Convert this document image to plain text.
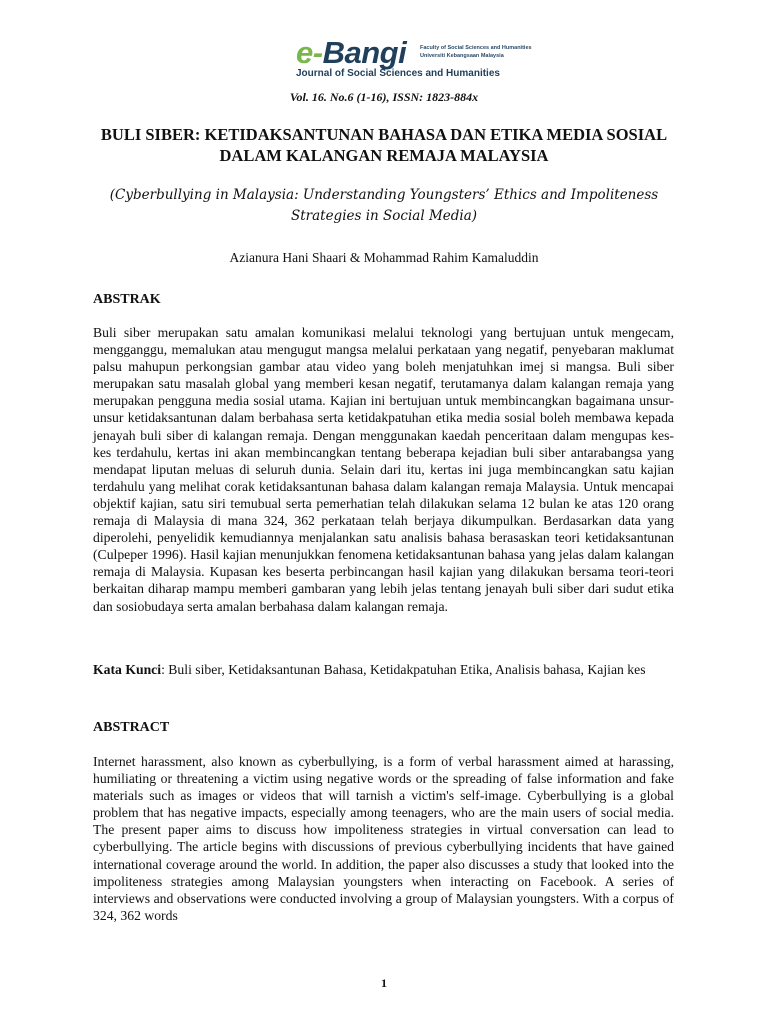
e-Bangi	Faculty of Social Sciences and Humanities
Universiti Kebangsaan Malaysia
Journal of Social Sciences and Humanities
Vol. 16. No.6 (1-16), ISSN: 1823-884x
BULI SIBER: KETIDAKSANTUNAN BAHASA DAN ETIKA MEDIA SOSIAL DALAM KALANGAN REMAJA MALAYSIA
(Cyberbullying in Malaysia: Understanding Youngsters’ Ethics and Impoliteness Strategies in Social Media)
Azianura Hani Shaari & Mohammad Rahim Kamaluddin
ABSTRAK
Buli siber merupakan satu amalan komunikasi melalui teknologi yang bertujuan untuk mengecam, mengganggu, memalukan atau mengugut mangsa melalui perkataan yang negatif, penyebaran maklumat palsu mahupun perkongsian gambar atau video yang boleh menjatuhkan imej si mangsa. Buli siber merupakan satu masalah global yang memberi kesan negatif, terutamanya dalam kalangan remaja yang merupakan pengguna media sosial utama. Kajian ini bertujuan untuk membincangkan bagaimana unsur-unsur ketidaksantunan dalam berbahasa serta ketidakpatuhan etika media sosial boleh membawa kepada jenayah buli siber di kalangan remaja. Dengan menggunakan kaedah penceritaan dalam mengupas kes-kes terdahulu, kertas ini akan membincangkan tentang beberapa kejadian buli siber antarabangsa yang mendapat liputan meluas di seluruh dunia. Selain dari itu, kertas ini juga membincangkan satu kajian terdahulu yang melihat corak ketidaksantunan bahasa dalam kalangan remaja Malaysia. Untuk mencapai objektif kajian, satu siri temubual serta pemerhatian telah dilakukan selama 12 bulan ke atas 120 orang remaja di Malaysia di mana 324, 362 perkataan telah berjaya dikumpulkan. Berdasarkan data yang diperolehi, penyelidik kemudiannya menjalankan satu analisis bahasa berasaskan teori ketidaksantunan (Culpeper 1996). Hasil kajian menunjukkan fenomena ketidaksantunan bahasa yang jelas dalam kalangan remaja di Malaysia. Kupasan kes beserta perbincangan hasil kajian yang dilakukan bersama teori-teori berkaitan diharap mampu memberi gambaran yang lebih jelas tentang jenayah buli siber dari sudut etika dan sosiobudaya serta amalan berbahasa dalam kalangan remaja.
Kata Kunci: Buli siber, Ketidaksantunan Bahasa, Ketidakpatuhan Etika, Analisis bahasa, Kajian kes
ABSTRACT
Internet harassment, also known as cyberbullying, is a form of verbal harassment aimed at harassing, humiliating or threatening a victim using negative words or the spreading of false information and fake materials such as images or videos that will tarnish a victim's self-image. Cyberbullying is a global problem that has negative impacts, especially among teenagers, who are the main users of social media. The present paper aims to discuss how impoliteness strategies in virtual conversation can lead to cyberbullying. The article begins with discussions of previous cyberbullying incidents that have gained international coverage around the world. In addition, the paper also discusses a study that looked into the impoliteness strategies among Malaysian youngsters when interacting on Facebook. A series of interviews and observations were conducted involving a group of Malaysian youngsters. With a corpus of 324, 362 words
1
